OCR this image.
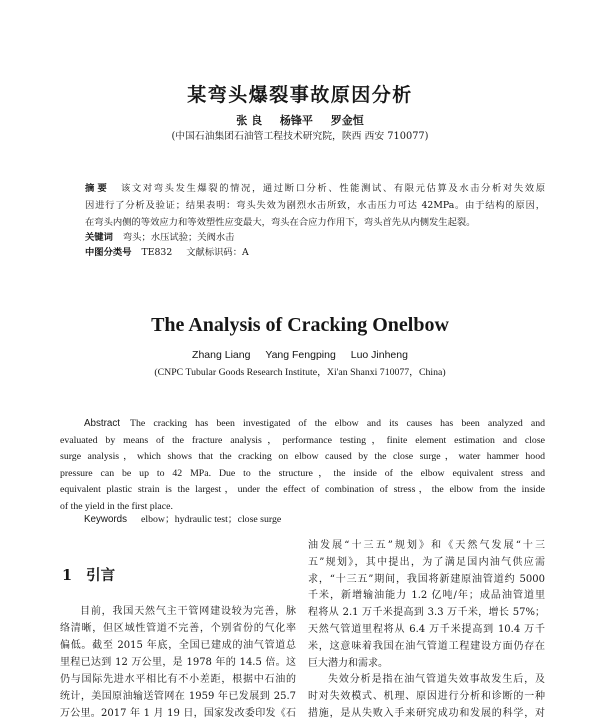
某弯头爆裂事故原因分析
张 良 杨锋平 罗金恒
(中国石油集团石油管工程技术研究院，陕西 西安 710077)
摘 要	该文对弯头发生爆裂的情况，通过断口分析、性能测试、有限元估算及水击分析对失效原
因进行了分析及验证；结果表明：弯头失效为剧烈水击所致，水击压力可达 42MPa。由于结构的原因，
在弯头内侧的等效应力和等效塑性应变最大，弯头在合应力作用下，弯头首先从内侧发生起裂。
关键词 弯头；水压试验；关阀水击
中图分类号 TE832 文献标识码：A
The Analysis of Cracking Onelbow
Zhang Liang Yang Fengping Luo Jinheng
(CNPC Tubular Goods Research Institute，Xi'an Shanxi 710077，China)
Abstract	The cracking has been investigated of the elbow and its causes has been analyzed and
evaluated by means of the fracture analysis，performance testing，finite element estimation and close
surge analysis，which shows that the cracking on elbow caused by the close surge，water hammer hood
pressure can be up to 42 MPa. Due to the structure，the inside of the elbow equivalent stress and
equivalent plastic strain is the largest，under the effect of combination of stress，the elbow from the inside
of the yield in the first place.
Keywords elbow；hydraulic test；close surge
1 引言
目前，我国天然气主干管网建设较为完善，脉
络清晰，但区域性管道不完善，个别省份的气化率
偏低。截至 2015 年底，全国已建成的油气管道总
里程已达到 12 万公里，是 1978 年的 14.5 倍。这
仍与国际先进水平相比有不小差距，根据中石油的
统计，美国原油输送管网在 1959 年已发展到 25.7
万公里。2017 年 1 月 19 日，国家发改委印发《石
油发展“十三五”规划》和《天然气发展“十三
五”规划》，其中提出，为了满足国内油气供应需
求，“十三五”期间，我国将新建原油管道约 5000
千米，新增输油能力 1.2 亿吨/年；成品油管道里
程将从 2.1 万千米提高到 3.3 万千米，增长 57%；
天然气管道里程将从 6.4 万千米提高到 10.4 万千
米，这意味着我国在油气管道工程建设方面仍存在
巨大潜力和需求。
失效分析是指在油气管道失效事故发生后，及
时对失效模式、机理、原因进行分析和诊断的一种
措施，是从失败入手来研究成功和发展的科学，对
